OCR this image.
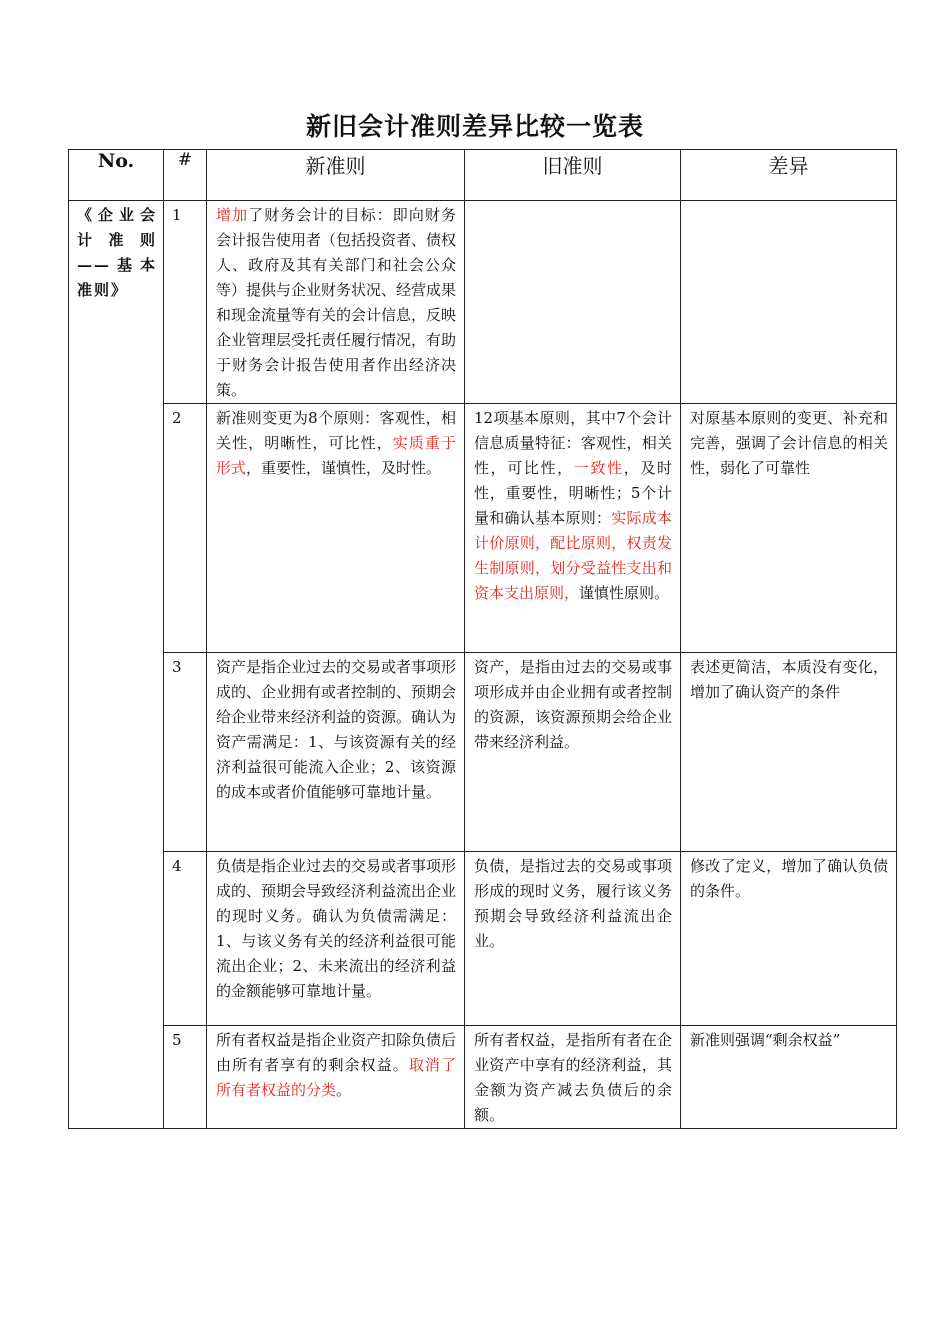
新旧会计准则差异比较一览表
No.	#	新准则	旧准则	差异

《企业会计准则——基本准则》	1	增加了财务会计的目标：即向财务会计报告使用者（包括投资者、债权人、政府及其有关部门和社会公众等）提供与企业财务状况、经营成果和现金流量等有关的会计信息，反映企业管理层受托责任履行情况，有助于财务会计报告使用者作出经济决策。		

	2	新准则变更为8个原则：客观性，相关性，明晰性，可比性，实质重于形式，重要性，谨慎性，及时性。	12项基本原则，其中7个会计信息质量特征：客观性，相关性，可比性，一致性，及时性，重要性，明晰性；5个计量和确认基本原则：实际成本计价原则，配比原则，权责发生制原则，划分受益性支出和资本支出原则，谨慎性原则。	对原基本原则的变更、补充和完善，强调了会计信息的相关性，弱化了可靠性

	3	资产是指企业过去的交易或者事项形成的、企业拥有或者控制的、预期会给企业带来经济利益的资源。确认为资产需满足：1、与该资源有关的经济利益很可能流入企业；2、该资源的成本或者价值能够可靠地计量。	资产，是指由过去的交易或事项形成并由企业拥有或者控制的资源，该资源预期会给企业带来经济利益。	表述更简洁，本质没有变化，增加了确认资产的条件

	4	负债是指企业过去的交易或者事项形成的、预期会导致经济利益流出企业的现时义务。确认为负债需满足：1、与该义务有关的经济利益很可能流出企业；2、未来流出的经济利益的金额能够可靠地计量。	负债，是指过去的交易或事项形成的现时义务，履行该义务预期会导致经济利益流出企业。	修改了定义，增加了确认负债的条件。

	5	所有者权益是指企业资产扣除负债后由所有者享有的剩余权益。取消了所有者权益的分类。	所有者权益，是指所有者在企业资产中享有的经济利益，其金额为资产减去负债后的余额。	新准则强调“剩余权益”
